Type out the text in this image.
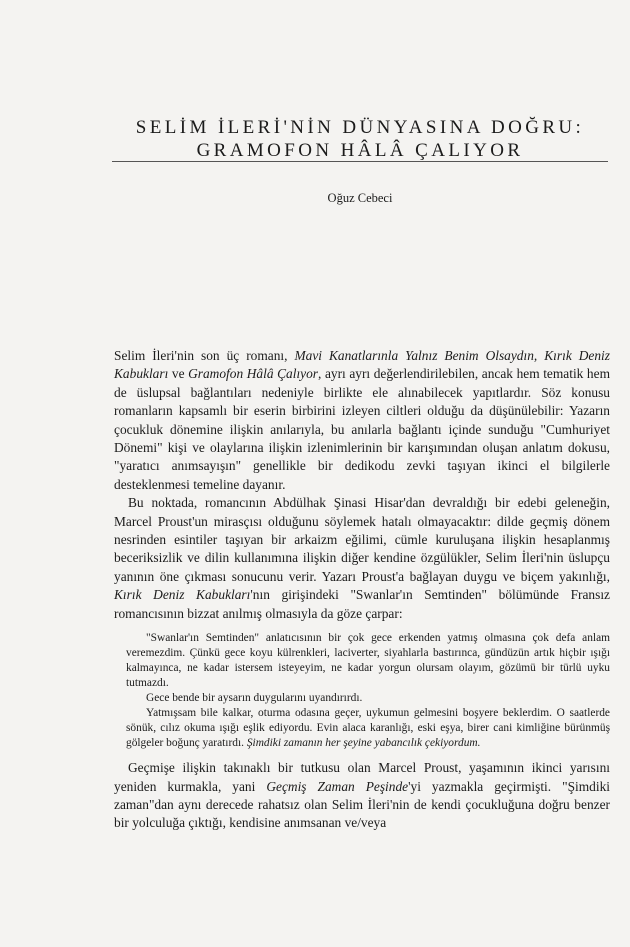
SELİM İLERİ'NİN DÜNYASINA DOĞRU:
GRAMOFON HÂLÂ ÇALIYOR
Oğuz Cebeci

Selim İleri'nin son üç romanı, Mavi Kanatlarınla Yalnız Benim Olsaydın, Kırık Deniz Kabukları ve Gramofon Hâlâ Çalıyor, ayrı ayrı değerlendirilebilen, ancak hem tematik hem de üslupsal bağlantıları nedeniyle birlikte ele alınabilecek yapıtlardır. Söz konusu romanların kapsamlı bir eserin birbirini izleyen ciltleri olduğu da düşünülebilir: Yazarın çocukluk dönemine ilişkin anılarıyla, bu anılarla bağlantı içinde sunduğu "Cumhuriyet Dönemi" kişi ve olaylarına ilişkin izlenimlerinin bir karışımından oluşan anlatım dokusu, "yaratıcı anımsayışın" genellikle bir dedikodu zevki taşıyan ikinci el bilgilerle desteklenmesi temeline dayanır.

Bu noktada, romancının Abdülhak Şinasi Hisar'dan devraldığı bir edebi geleneğin, Marcel Proust'un mirasçısı olduğunu söylemek hatalı olmayacaktır: dilde geçmiş dönem nesrinden esintiler taşıyan bir arkaizm eğilimi, cümle kuruluşana ilişkin hesaplanmış beceriksizlik ve dilin kullanımına ilişkin diğer kendine özgülükler, Selim İleri'nin üslupçu yanının öne çıkması sonucunu verir. Yazarı Proust'a bağlayan duygu ve biçem yakınlığı, Kırık Deniz Kabukları'nın girişindeki "Swanlar'ın Semtinden" bölümünde Fransız romancısının bizzat anılmış olmasıyla da göze çarpar:

"Swanlar'ın Semtinden" anlatıcısının bir çok gece erkenden yatmış olmasına çok defa anlam veremezdim. Çünkü gece koyu külrenkleri, laciverter, siyahlarla bastırınca, gündüzün artık hiçbir ışığı kalmayınca, ne kadar istersem isteyeyim, ne kadar yorgun olursam olayım, gözümü bir türlü uyku tutmazdı.

Gece bende bir aysarın duygularını uyandırırdı.

Yatmışsam bile kalkar, oturma odasına geçer, uykumun gelmesini boşyere beklerdim. O saatlerde sönük, cılız okuma ışığı eşlik ediyordu. Evin alaca karanlığı, eski eşya, birer cani kimliğine bürünmüş gölgeler boğunç yaratırdı. Şimdiki zamanın her şeyine yabancılık çekiyordum.

Geçmişe ilişkin takınaklı bir tutkusu olan Marcel Proust, yaşamının ikinci yarısını yeniden kurmakla, yani Geçmiş Zaman Peşinde'yi yazmakla geçirmişti. "Şimdiki zaman"dan aynı derecede rahatsız olan Selim İleri'nin de kendi çocukluğuna doğru benzer bir yolculuğa çıktığı, kendisine anımsanan ve/veya
